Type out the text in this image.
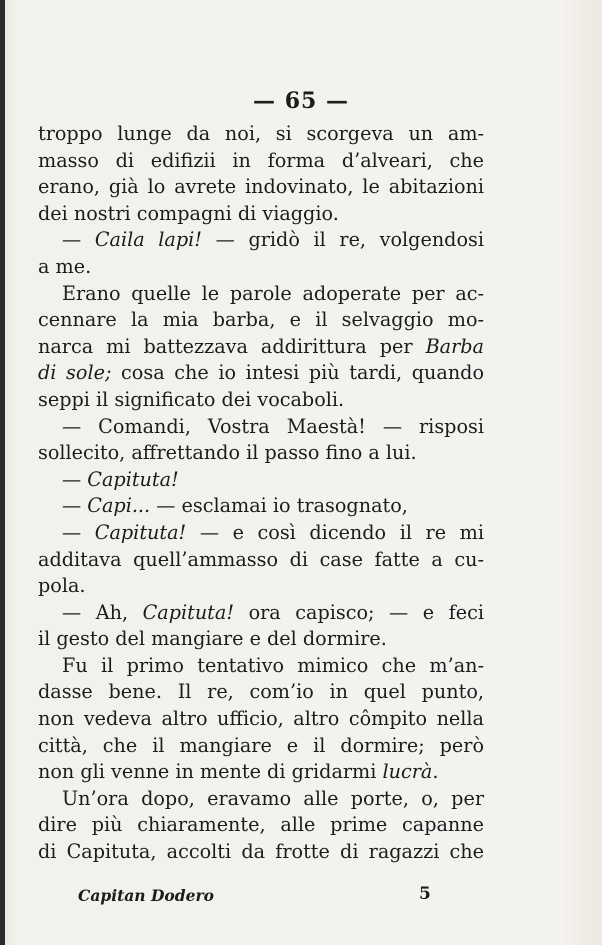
— 65 —
troppo lunge da noi, si scorgeva un am-
masso di edifizii in forma d’alveari, che
erano, già lo avrete indovinato, le abitazioni
dei nostri compagni di viaggio.
— Caila lapi! — gridò il re, volgendosi
a me.
Erano quelle le parole adoperate per ac-
cennare la mia barba, e il selvaggio mo-
narca mi battezzava addirittura per Barba
di sole; cosa che io intesi più tardi, quando
seppi il significato dei vocaboli.
— Comandi, Vostra Maestà! — risposi
sollecito, affrettando il passo fino a lui.
— Capituta!
— Capi... — esclamai io trasognato,
— Capituta! — e così dicendo il re mi
additava quell’ammasso di case fatte a cu-
pola.
— Ah, Capituta! ora capisco; — e feci
il gesto del mangiare e del dormire.
Fu il primo tentativo mimico che m’an-
dasse bene. Il re, com’io in quel punto,
non vedeva altro ufficio, altro cômpito nella
città, che il mangiare e il dormire; però
non gli venne in mente di gridarmi lucrà.
Un’ora dopo, eravamo alle porte, o, per
dire più chiaramente, alle prime capanne
di Capituta, accolti da frotte di ragazzi che
Capitan Dodero	5
